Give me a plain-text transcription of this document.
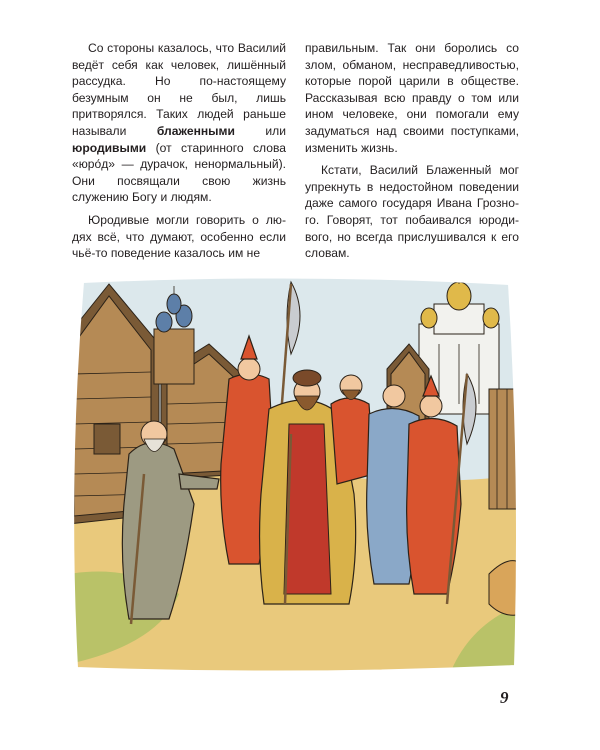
Со стороны казалось, что Василий ведёт себя как человек, лишённый рассудка. Но по-настоящему безумным он не был, лишь притворялся. Таких людей раньше называли блаженными или юродивыми (от старинного слова «юро́д» — дурачок, ненормальный). Они посвящали свою жизнь служению Богу и людям.

Юродивые могли говорить о людях всё, что думают, особенно если чьё-то поведение казалось им не

правильным. Так они боролись со злом, обманом, несправедливостью, которые порой царили в обществе. Рассказывая всю правду о том или ином человеке, они помогали ему задуматься над своими поступками, изменить жизнь.

Кстати, Василий Блаженный мог упрекнуть в недостойном поведении даже самого государя Ивана Грозного. Говорят, тот побаивался юродивого, но всегда прислушивался к его словам.

9
